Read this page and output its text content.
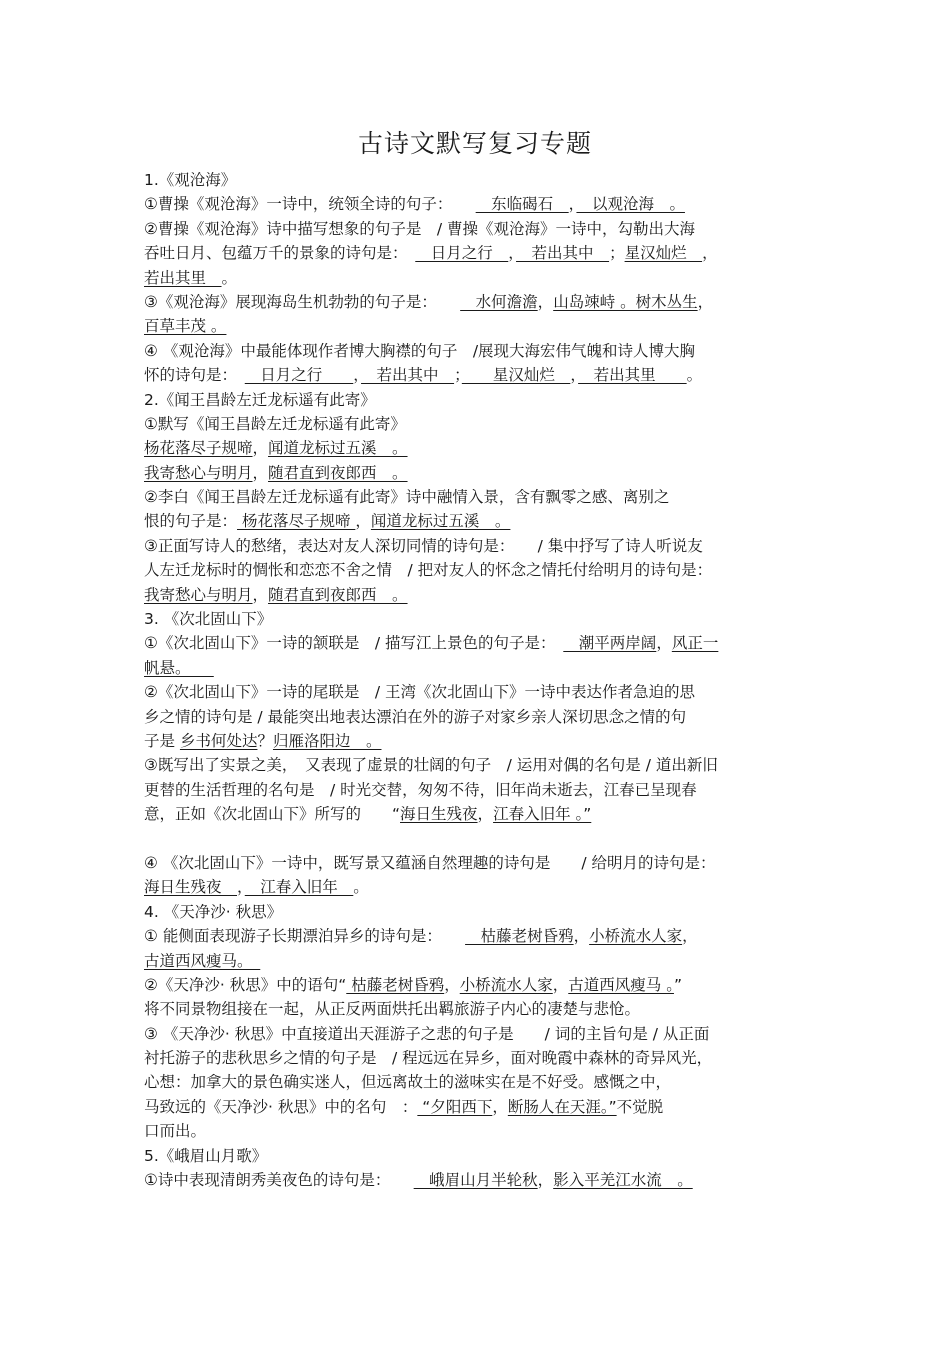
古诗文默写复习专题
1.《观沧海》
①曹操《观沧海》一诗中，统领全诗的句子：　　　东临碣石　，　以观沧海　。
②曹操《观沧海》诗中描写想象的句子是　/ 曹操《观沧海》一诗中，勾勒出大海
吞吐日月、包蕴万千的景象的诗句是：　　日月之行　，　若出其中　；星汉灿烂　，
若出其里　。
③《观沧海》展现海岛生机勃勃的句子是：　　　水何澹澹，山岛竦峙 。树木丛生，
百草丰茂 。
④ 《观沧海》中最能体现作者博大胸襟的句子　/展现大海宏伟气魄和诗人博大胸
怀的诗句是：　　日月之行　　，　若出其中　；　　星汉灿烂　，　若出其里　　。
2.《闻王昌龄左迁龙标遥有此寄》
①默写《闻王昌龄左迁龙标遥有此寄》
杨花落尽子规啼，闻道龙标过五溪　。
我寄愁心与明月，随君直到夜郎西　。
②李白《闻王昌龄左迁龙标遥有此寄》诗中融情入景，含有飘零之感、离别之
恨的句子是： 杨花落尽子规啼 ，闻道龙标过五溪　。
③正面写诗人的愁绪，表达对友人深切同情的诗句是：　　/ 集中抒写了诗人听说友
人左迁龙标时的惆怅和恋恋不舍之情　/ 把对友人的怀念之情托付给明月的诗句是：
我寄愁心与明月，随君直到夜郎西　。
3. 《次北固山下》
①《次北固山下》一诗的颔联是　/ 描写江上景色的句子是：　　潮平两岸阔，风正一
帆悬。　　
②《次北固山下》一诗的尾联是　/ 王湾《次北固山下》一诗中表达作者急迫的思
乡之情的诗句是 / 最能突出地表达漂泊在外的游子对家乡亲人深切思念之情的句
子是 乡书何处达？归雁洛阳边　。
③既写出了实景之美，　又表现了虚景的壮阔的句子　/ 运用对偶的名句是 / 道出新旧
更替的生活哲理的名句是　/ 时光交替，匆匆不待，旧年尚未逝去，江春已呈现春
意，正如《次北固山下》所写的　　“海日生残夜，江春入旧年 。”
④ 《次北固山下》一诗中，既写景又蕴涵自然理趣的诗句是　　/ 给明月的诗句是：
海日生残夜　，　江春入旧年　。
4. 《天净沙· 秋思》
① 能侧面表现游子长期漂泊异乡的诗句是：　　　枯藤老树昏鸦，小桥流水人家，
古道西风瘦马。　
②《天净沙· 秋思》中的语句“ 枯藤老树昏鸦，小桥流水人家，古道西风瘦马 。”
将不同景物组接在一起，从正反两面烘托出羁旅游子内心的凄楚与悲怆。
③ 《天净沙· 秋思》中直接道出天涯游子之悲的句子是　　/ 词的主旨句是 / 从正面
衬托游子的悲秋思乡之情的句子是　/ 程远远在异乡，面对晚霞中森林的奇异风光，
心想：加拿大的景色确实迷人，但远离故土的滋味实在是不好受。感慨之中，
马致远的《天净沙· 秋思》中的名句　： “夕阳西下，断肠人在天涯。”不觉脱
口而出。
5.《峨眉山月歌》
①诗中表现清朗秀美夜色的诗句是：　　　峨眉山月半轮秋，影入平羌江水流　。
